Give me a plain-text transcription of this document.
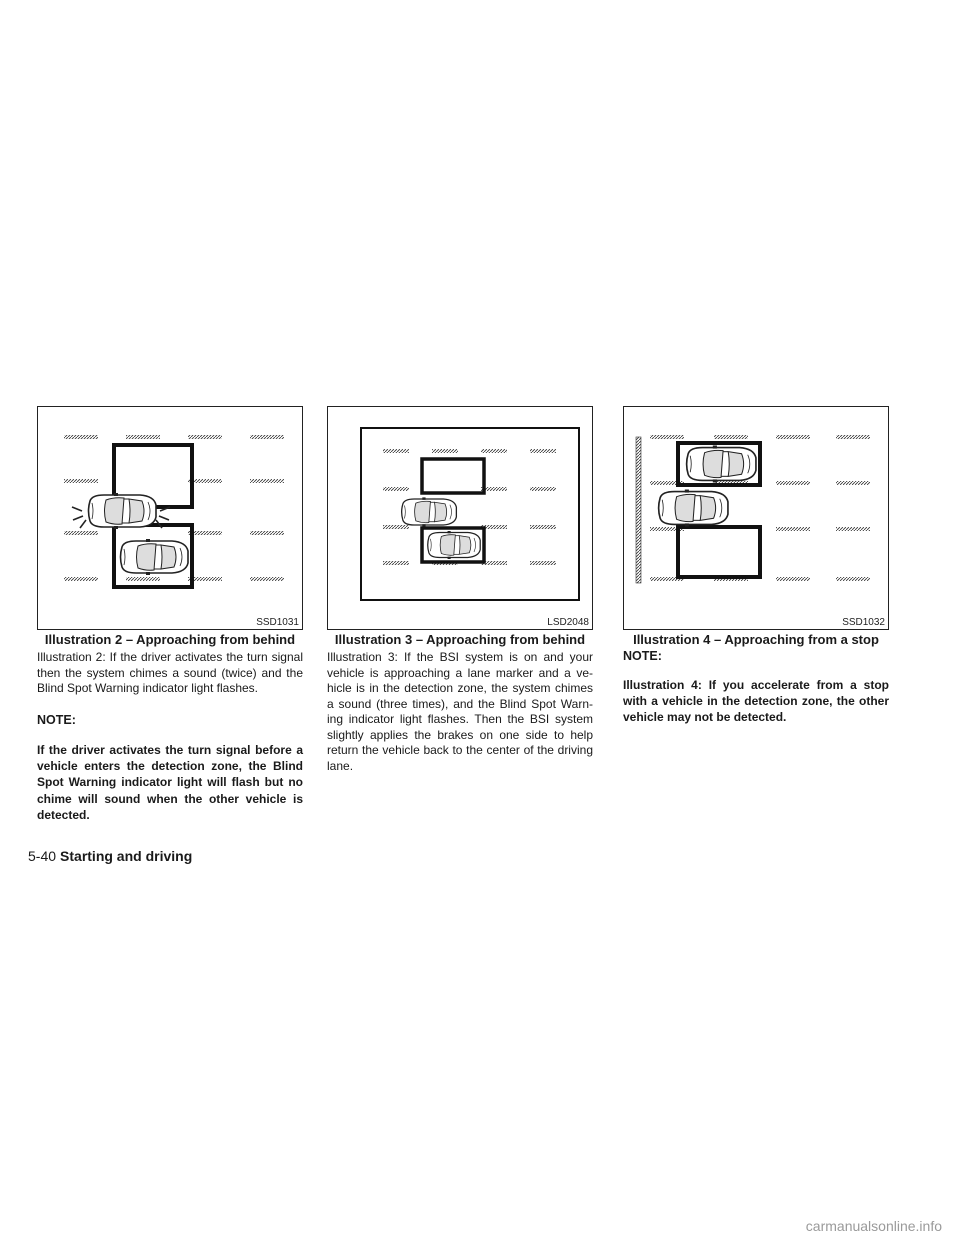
SSD1031
Illustration 2 – Approaching from behind

Illustration 2: If the driver activates the turn signal then the system chimes a sound (twice) and the Blind Spot Warning indicator light flashes.

NOTE:

If the driver activates the turn signal before a vehicle enters the detection zone, the Blind Spot Warning indicator light will flash but no chime will sound when the other vehicle is detected.

LSD2048
Illustration 3 – Approaching from behind

Illustration 3: If the BSI system is on and your vehicle is approaching a lane marker and a ve-hicle is in the detection zone, the system chimes a sound (three times), and the Blind Spot Warn-ing indicator light flashes. Then the BSI system slightly applies the brakes on one side to help return the vehicle back to the center of the driving lane.

SSD1032
Illustration 4 – Approaching from a stop

NOTE:

Illustration 4: If you accelerate from a stop with a vehicle in the detection zone, the other vehicle may not be detected.

5-40 Starting and driving
carmanualsonline.info
